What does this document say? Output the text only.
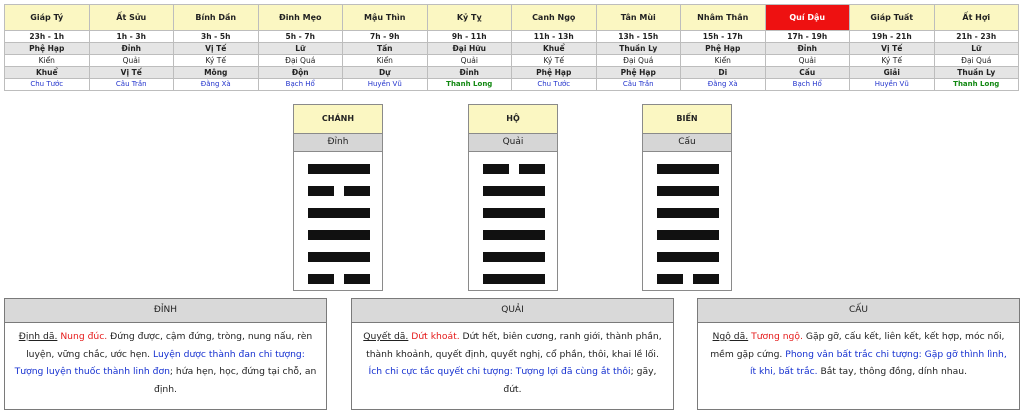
Giáp Tý	Ất Sửu	Bính Dần	Đinh Mẹo	Mậu Thìn	Kỷ Tỵ	Canh Ngọ	Tân Mùi	Nhâm Thân	Quí Dậu	Giáp Tuất	Ất Hợi
23h - 1h	1h - 3h	3h - 5h	5h - 7h	7h - 9h	9h - 11h	11h - 13h	13h - 15h	15h - 17h	17h - 19h	19h - 21h	21h - 23h
Phệ Hạp	Đỉnh	Vị Tế	Lữ	Tấn	Đại Hữu	Khuể	Thuần Ly	Phệ Hạp	Đỉnh	Vị Tế	Lữ
Kiển	Quải	Ký Tế	Đại Quá	Kiển	Quải	Ký Tế	Đại Quá	Kiển	Quải	Ký Tế	Đại Quá
Khuể	Vị Tế	Mông	Độn	Dự	Đỉnh	Phệ Hạp	Phệ Hạp	Di	Cấu	Giải	Thuần Ly
Chu Tước	Câu Trần	Đằng Xà	Bạch Hổ	Huyền Vũ	Thanh Long	Chu Tước	Câu Trần	Đằng Xà	Bạch Hổ	Huyền Vũ	Thanh Long
CHÁNH
Đỉnh
HỘ
Quải
BIẾN
Cấu
ĐỈNH
Định dã. Nung đúc. Đứng được, cậm đứng, tròng, nung nấu, rèn luyện, vững chắc, ước hẹn. Luyện dược thành đan chi tượng: Tượng luyện thuốc thành linh đơn; hứa hẹn, học, đứng tại chỗ, an định.
QUẢI
Quyết dã. Dứt khoát. Dứt hết, biên cương, ranh giới, thành phần, thành khoảnh, quyết định, quyết nghị, cổ phần, thôi, khai lề lối. Ích chi cực tắc quyết chi tượng: Tượng lợi đã cùng ắt thôi; gãy, đứt.
CẤU
Ngộ dã. Tương ngộ. Gặp gỡ, cấu kết, liên kết, kết hợp, móc nối, mềm gặp cứng. Phong vân bất trắc chi tượng: Gặp gỡ thình lình, ít khi, bất trắc. Bắt tay, thông đồng, dính nhau.
